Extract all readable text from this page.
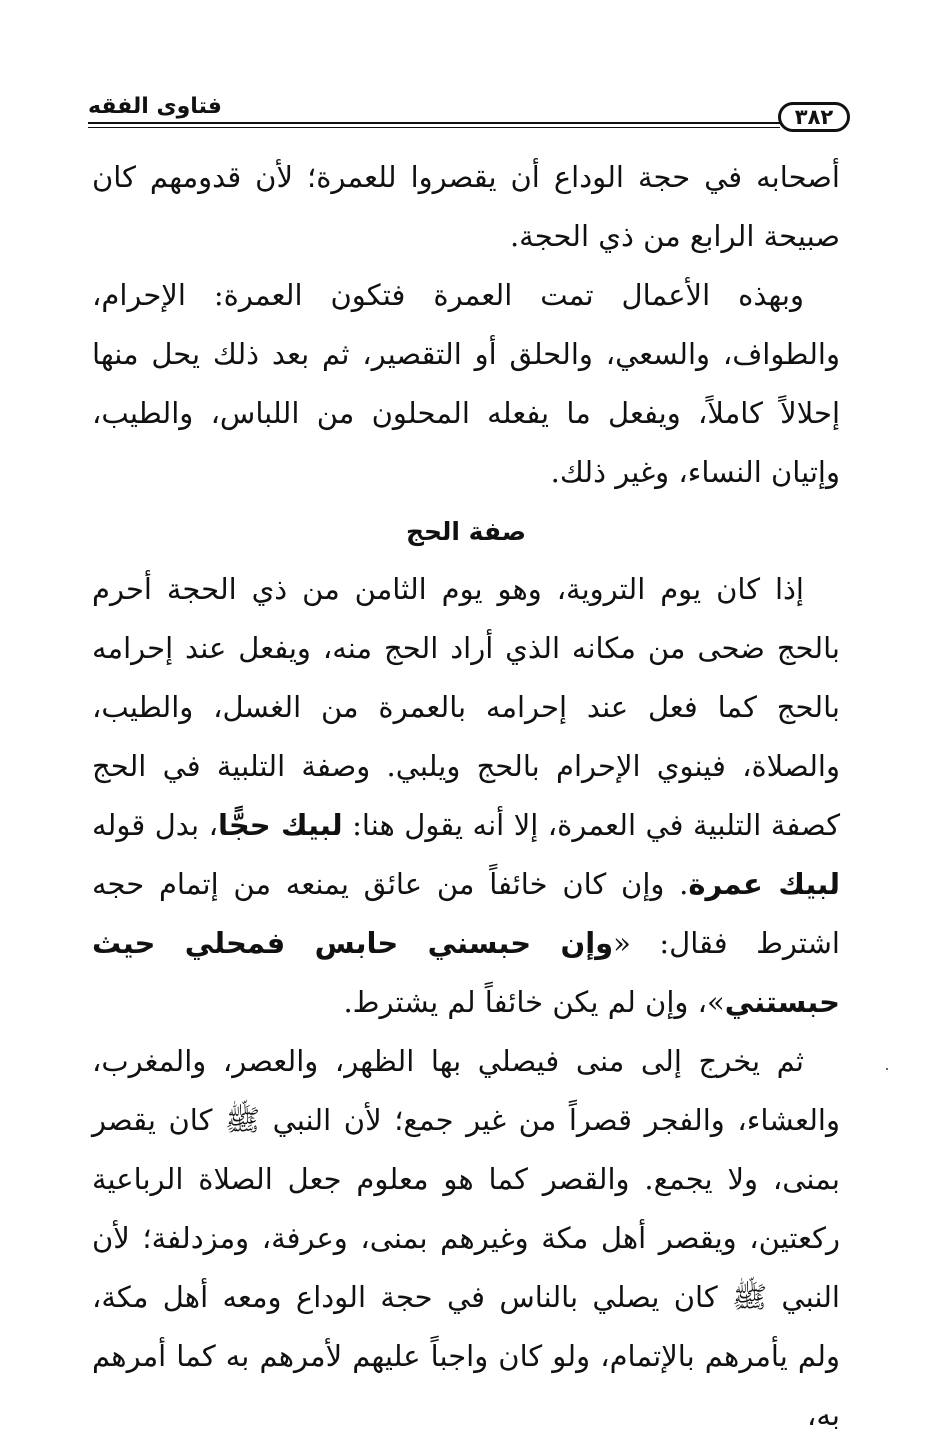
٣٨٢
فتاوى الفقه

أصحابه في حجة الوداع أن يقصروا للعمرة؛ لأن قدومهم كان صبيحة الرابع من ذي الحجة.

وبهذه الأعمال تمت العمرة فتكون العمرة: الإحرام، والطواف، والسعي، والحلق أو التقصير، ثم بعد ذلك يحل منها إحلالاً كاملاً، ويفعل ما يفعله المحلون من اللباس، والطيب، وإتيان النساء، وغير ذلك.

صفة الحج

إذا كان يوم التروية، وهو يوم الثامن من ذي الحجة أحرم بالحج ضحى من مكانه الذي أراد الحج منه، ويفعل عند إحرامه بالحج كما فعل عند إحرامه بالعمرة من الغسل، والطيب، والصلاة، فينوي الإحرام بالحج ويلبي. وصفة التلبية في الحج كصفة التلبية في العمرة، إلا أنه يقول هنا: لبيك حجًّا، بدل قوله لبيك عمرة. وإن كان خائفاً من عائق يمنعه من إتمام حجه اشترط فقال: «وإن حبسني حابس فمحلي حيث حبستني»، وإن لم يكن خائفاً لم يشترط.

ثم يخرج إلى منى فيصلي بها الظهر، والعصر، والمغرب، والعشاء، والفجر قصراً من غير جمع؛ لأن النبي ﷺ كان يقصر بمنى، ولا يجمع. والقصر كما هو معلوم جعل الصلاة الرباعية ركعتين، ويقصر أهل مكة وغيرهم بمنى، وعرفة، ومزدلفة؛ لأن النبي ﷺ كان يصلي بالناس في حجة الوداع ومعه أهل مكة، ولم يأمرهم بالإتمام، ولو كان واجباً عليهم لأمرهم به كما أمرهم به،
